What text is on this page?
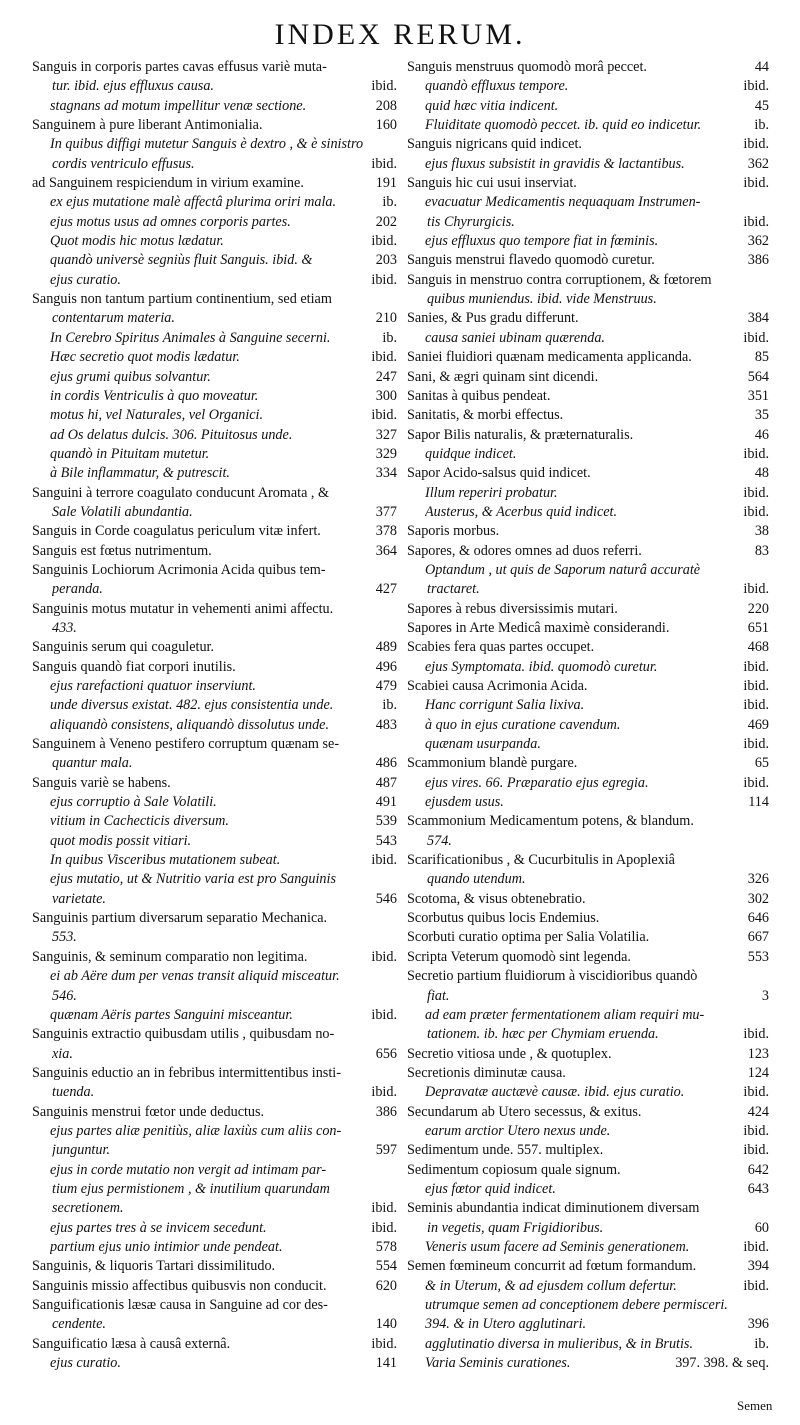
INDEX RERUM.
Sanguis in corporis partes cavas effusus variè muta-
tur. ibid. ejus effluxus causa.	ibid.
stagnans ad motum impellitur venæ sectione.	208
Sanguinem à pure liberant Antimonialia.	160
In quibus diffigi mutetur Sanguis è dextro , & è sinistro
cordis ventriculo effusus.	ibid.
ad Sanguinem respiciendum in virium examine.	191
ex ejus mutatione malè affectâ plurima oriri mala.	ib.
ejus motus usus ad omnes corporis partes.	202
Quot modis hic motus lædatur.	ibid.
quandò universè segniùs fluit Sanguis. ibid. &	203
ejus curatio.	ibid.
Sanguis non tantum partium continentium, sed etiam
contentarum materia.	210
In Cerebro Spiritus Animales à Sanguine secerni.	ib.
Hæc secretio quot modis lædatur.	ibid.
ejus grumi quibus solvantur.	247
in cordis Ventriculis à quo moveatur.	300
motus hi, vel Naturales, vel Organici.	ibid.
ad Os delatus dulcis. 306. Pituitosus unde.	327
quandò in Pituitam mutetur.	329
à Bile inflammatur, & putrescit.	334
Sanguini à terrore coagulato conducunt Aromata , &
Sale Volatili abundantia.	377
Sanguis in Corde coagulatus periculum vitæ infert.	378
Sanguis est fœtus nutrimentum.	364
Sanguinis Lochiorum Acrimonia Acida quibus tem-
peranda.	427
Sanguinis motus mutatur in vehementi animi affectu.
433.
Sanguinis serum qui coaguletur.	489
Sanguis quandò fiat corpori inutilis.	496
ejus rarefactioni quatuor inserviunt.	479
unde diversus existat. 482. ejus consistentia unde.	ib.
aliquandò consistens, aliquandò dissolutus unde.	483
Sanguinem à Veneno pestifero corruptum quænam se-
quantur mala.	486
Sanguis variè se habens.	487
ejus corruptio à Sale Volatili.	491
vitium in Cachecticis diversum.	539
quot modis possit vitiari.	543
In quibus Visceribus mutationem subeat.	ibid.
ejus mutatio, ut & Nutritio varia est pro Sanguinis
varietate.	546
Sanguinis partium diversarum separatio Mechanica.
553.
Sanguinis, & seminum comparatio non legitima.	ibid.
ei ab Aëre dum per venas transit aliquid misceatur.
546.
quænam Aëris partes Sanguini misceantur.	ibid.
Sanguinis extractio quibusdam utilis , quibusdam no-
xia.	656
Sanguinis eductio an in febribus intermittentibus insti-
tuenda.	ibid.
Sanguinis menstrui fœtor unde deductus.	386
ejus partes aliæ penitiùs, aliæ laxiùs cum aliis con-
junguntur.	597
ejus in corde mutatio non vergit ad intimam par-
tium ejus permistionem , & inutilium quarundam
secretionem.	ibid.
ejus partes tres à se invicem secedunt.	ibid.
partium ejus unio intimior unde pendeat.	578
Sanguinis, & liquoris Tartari dissimilitudo.	554
Sanguinis missio affectibus quibusvis non conducit.	620
Sanguificationis læsæ causa in Sanguine ad cor des-
cendente.	140
Sanguificatio læsa à causâ externâ.	ibid.
ejus curatio.	141
Sanguis menstruus quomodò morâ peccet.	44
quandò effluxus tempore.	ibid.
quid hæc vitia indicent.	45
Fluiditate quomodò peccet. ib. quid eo indicetur.	ib.
Sanguis nigricans quid indicet.	ibid.
ejus fluxus subsistit in gravidis & lactantibus.	362
Sanguis hic cui usui inserviat.	ibid.
evacuatur Medicamentis nequaquam Instrumen-
tis Chyrurgicis.	ibid.
ejus effluxus quo tempore fiat in fœminis.	362
Sanguis menstrui flavedo quomodò curetur.	386
Sanguis in menstruo contra corruptionem, & fœtorem
quibus muniendus. ibid. vide Menstruus.
Sanies, & Pus gradu differunt.	384
causa saniei ubinam quærenda.	ibid.
Saniei fluidiori quænam medicamenta applicanda.	85
Sani, & ægri quinam sint dicendi.	564
Sanitas à quibus pendeat.	351
Sanitatis, & morbi effectus.	35
Sapor Bilis naturalis, & præternaturalis.	46
quidque indicet.	ibid.
Sapor Acido-salsus quid indicet.	48
Illum reperiri probatur.	ibid.
Austerus, & Acerbus quid indicet.	ibid.
Saporis morbus.	38
Sapores, & odores omnes ad duos referri.	83
Optandum , ut quis de Saporum naturâ accuratè
tractaret.	ibid.
Sapores à rebus diversissimis mutari.	220
Sapores in Arte Medicâ maximè considerandi.	651
Scabies fera quas partes occupet.	468
ejus Symptomata. ibid. quomodò curetur.	ibid.
Scabiei causa Acrimonia Acida.	ibid.
Hanc corrigunt Salia lixiva.	ibid.
à quo in ejus curatione cavendum.	469
quænam usurpanda.	ibid.
Scammonium blandè purgare.	65
ejus vires. 66. Præparatio ejus egregia.	ibid.
ejusdem usus.	114
Scammonium Medicamentum potens, & blandum.
574.
Scarificationibus , & Cucurbitulis in Apoplexiâ
quando utendum.	326
Scotoma, & visus obtenebratio.	302
Scorbutus quibus locis Endemius.	646
Scorbuti curatio optima per Salia Volatilia.	667
Scripta Veterum quomodò sint legenda.	553
Secretio partium fluidiorum à viscidioribus quandò
fiat.	3
ad eam præter fermentationem aliam requiri mu-
tationem. ib. hæc per Chymiam eruenda.	ibid.
Secretio vitiosa unde , & quotuplex.	123
Secretionis diminutæ causa.	124
Depravatæ auctævè causæ. ibid. ejus curatio.	ibid.
Secundarum ab Utero secessus, & exitus.	424
earum arctior Utero nexus unde.	ibid.
Sedimentum unde. 557. multiplex.	ibid.
Sedimentum copiosum quale signum.	642
ejus fœtor quid indicet.	643
Seminis abundantia indicat diminutionem diversam
in vegetis, quam Frigidioribus.	60
Veneris usum facere ad Seminis generationem.	ibid.
Semen fœmineum concurrit ad fœtum formandum.	394
& in Uterum, & ad ejusdem collum defertur.	ibid.
utrumque semen ad conceptionem debere permisceri.
394. & in Utero agglutinari.	396
agglutinatio diversa in mulieribus, & in Brutis.	ib.
Varia Seminis curationes.	397. 398. & seq.
Semen
